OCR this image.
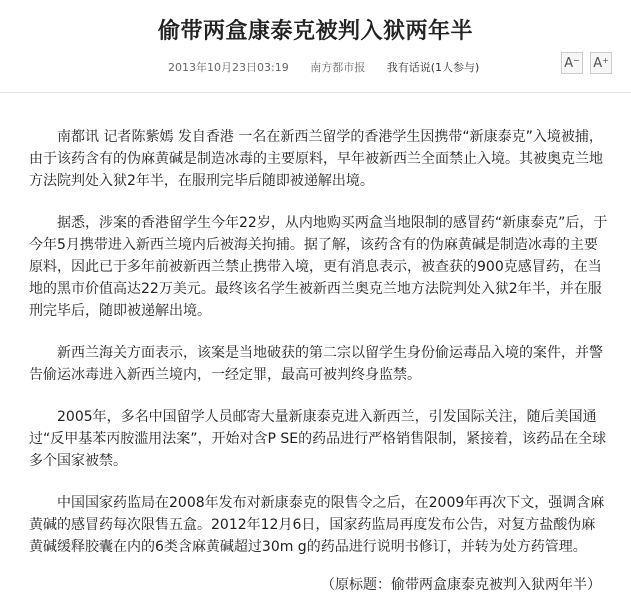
偷带两盒康泰克被判入狱两年半
2013年10月23日03:19 南方都市报 我有话说(1人参与)	A− A+

南都讯 记者陈紫嫣 发自香港 一名在新西兰留学的香港学生因携带“新康泰克”入境被捕，由于该药含有的伪麻黄碱是制造冰毒的主要原料，早年被新西兰全面禁止入境。其被奥克兰地方法院判处入狱2年半，在服刑完毕后随即被递解出境。

据悉，涉案的香港留学生今年22岁，从内地购买两盒当地限制的感冒药“新康泰克”后，于今年5月携带进入新西兰境内后被海关拘捕。据了解，该药含有的伪麻黄碱是制造冰毒的主要原料，因此已于多年前被新西兰禁止携带入境，更有消息表示，被查获的900克感冒药，在当地的黑市价值高达22万美元。最终该名学生被新西兰奥克兰地方法院判处入狱2年半，并在服刑完毕后，随即被递解出境。

新西兰海关方面表示，该案是当地破获的第二宗以留学生身份偷运毒品入境的案件，并警告偷运冰毒进入新西兰境内，一经定罪，最高可被判终身监禁。

2005年，多名中国留学人员邮寄大量新康泰克进入新西兰，引发国际关注，随后美国通过“反甲基苯丙胺滥用法案”，开始对含P SE的药品进行严格销售限制，紧接着，该药品在全球多个国家被禁。

中国国家药监局在2008年发布对新康泰克的限售令之后，在2009年再次下文，强调含麻黄碱的感冒药每次限售五盒。2012年12月6日，国家药监局再度发布公告，对复方盐酸伪麻黄碱缓释胶囊在内的6类含麻黄碱超过30m g的药品进行说明书修订，并转为处方药管理。

（原标题：偷带两盒康泰克被判入狱两年半）
